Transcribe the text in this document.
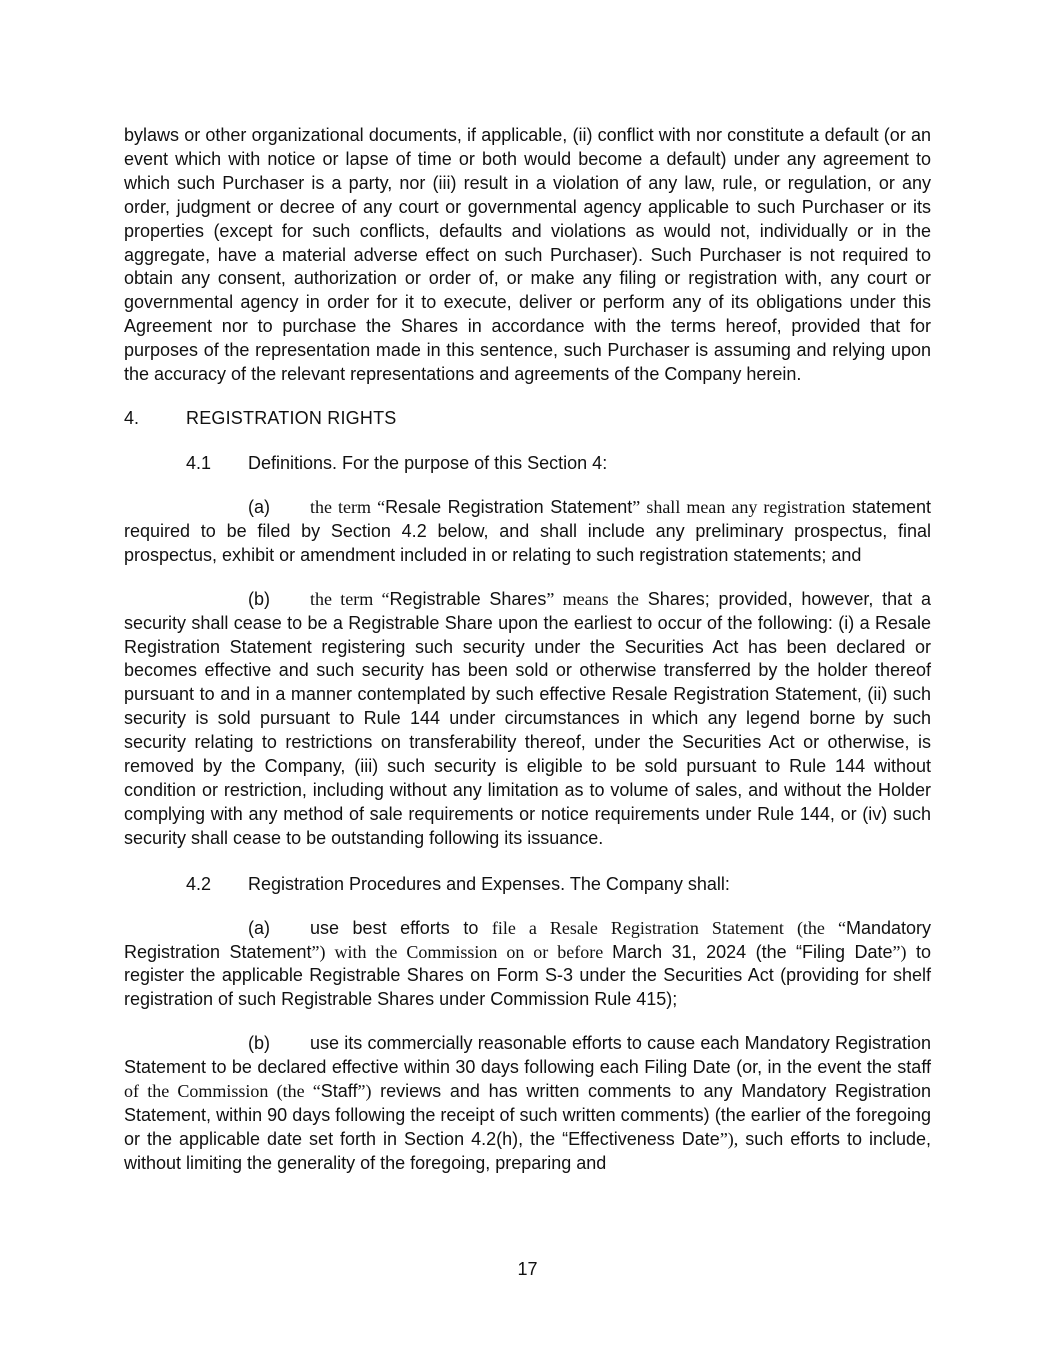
bylaws or other organizational documents, if applicable, (ii) conflict with nor constitute a default (or an event which with notice or lapse of time or both would become a default) under any agreement to which such Purchaser is a party, nor (iii) result in a violation of any law, rule, or regulation, or any order, judgment or decree of any court or governmental agency applicable to such Purchaser or its properties (except for such conflicts, defaults and violations as would not, individually or in the aggregate, have a material adverse effect on such Purchaser). Such Purchaser is not required to obtain any consent, authorization or order of, or make any filing or registration with, any court or governmental agency in order for it to execute, deliver or perform any of its obligations under this Agreement nor to purchase the Shares in accordance with the terms hereof, provided that for purposes of the representation made in this sentence, such Purchaser is assuming and relying upon the accuracy of the relevant representations and agreements of the Company herein.

4.	REGISTRATION RIGHTS
4.1 Definitions. For the purpose of this Section 4:

(a) the term “Resale Registration Statement” shall mean any registration statement required to be filed by Section 4.2 below, and shall include any preliminary prospectus, final prospectus, exhibit or amendment included in or relating to such registration statements; and

(b) the term “Registrable Shares” means the Shares; provided, however, that a security shall cease to be a Registrable Share upon the earliest to occur of the following: (i) a Resale Registration Statement registering such security under the Securities Act has been declared or becomes effective and such security has been sold or otherwise transferred by the holder thereof pursuant to and in a manner contemplated by such effective Resale Registration Statement, (ii) such security is sold pursuant to Rule 144 under circumstances in which any legend borne by such security relating to restrictions on transferability thereof, under the Securities Act or otherwise, is removed by the Company, (iii) such security is eligible to be sold pursuant to Rule 144 without condition or restriction, including without any limitation as to volume of sales, and without the Holder complying with any method of sale requirements or notice requirements under Rule 144, or (iv) such security shall cease to be outstanding following its issuance.

4.2 Registration Procedures and Expenses. The Company shall:

(a) use best efforts to file a Resale Registration Statement (the “Mandatory Registration Statement”) with the Commission on or before March 31, 2024 (the “Filing Date”) to register the applicable Registrable Shares on Form S-3 under the Securities Act (providing for shelf registration of such Registrable Shares under Commission Rule 415);

(b) use its commercially reasonable efforts to cause each Mandatory Registration Statement to be declared effective within 30 days following each Filing Date (or, in the event the staff of the Commission (the “Staff”) reviews and has written comments to any Mandatory Registration Statement, within 90 days following the receipt of such written comments) (the earlier of the foregoing or the applicable date set forth in Section 4.2(h), the “Effectiveness Date”), such efforts to include, without limiting the generality of the foregoing, preparing and

17
